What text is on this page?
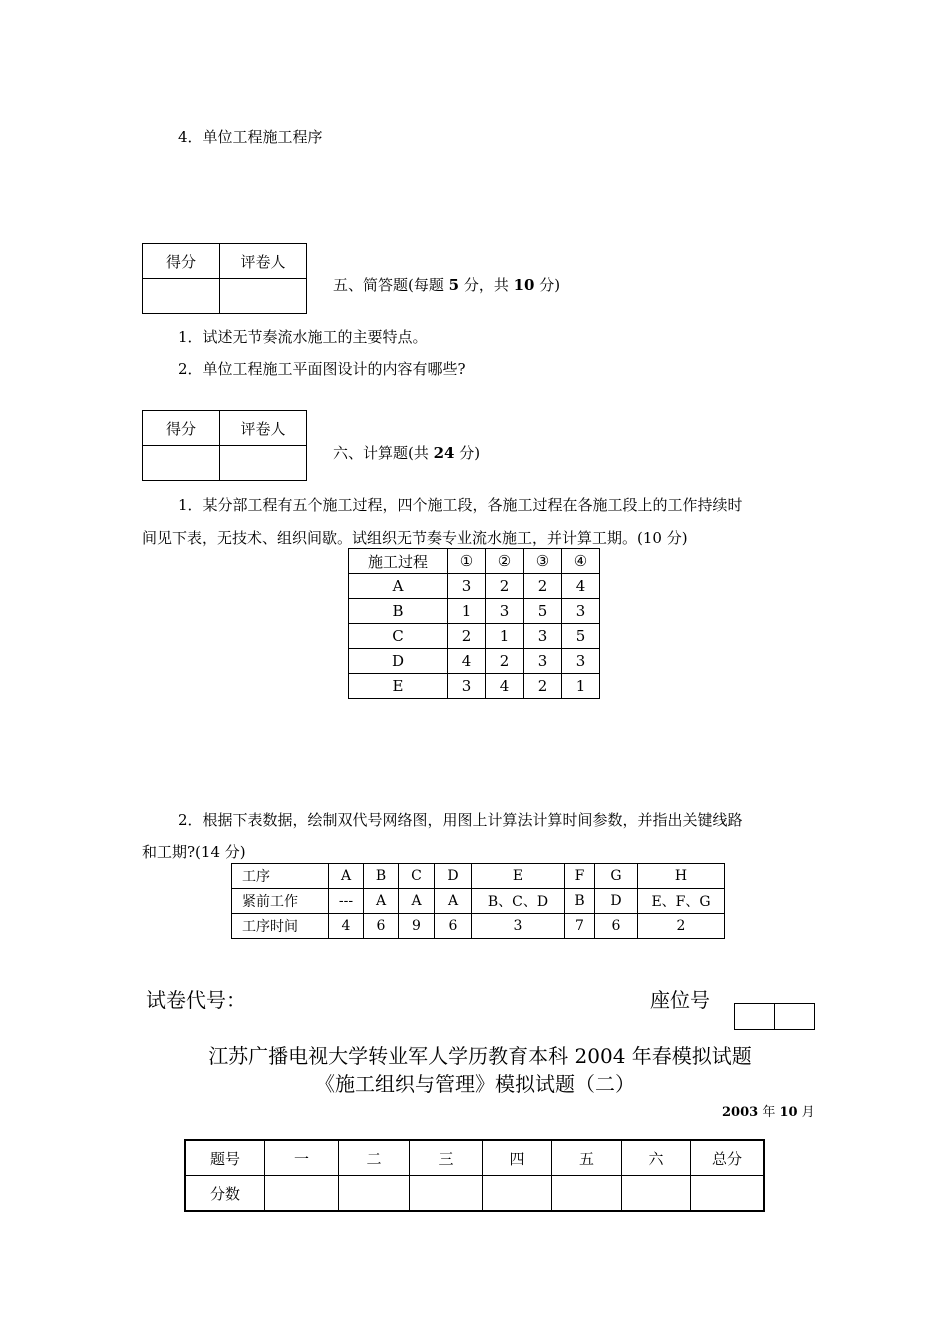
4．单位工程施工程序
得分	评卷人

五、简答题(每题 5 分，共 10 分)
1．试述无节奏流水施工的主要特点。
2．单位工程施工平面图设计的内容有哪些?
得分	评卷人

六、计算题(共 24 分)
1．某分部工程有五个施工过程，四个施工段，各施工过程在各施工段上的工作持续时
间见下表，无技术、组织间歇。试组织无节奏专业流水施工，并计算工期。(10 分)
施工过程	①	②	③	④
A	3	2	2	4
B	1	3	5	3
C	2	1	3	5
D	4	2	3	3
E	3	4	2	1
2．根据下表数据，绘制双代号网络图，用图上计算法计算时间参数，并指出关键线路
和工期?(14 分)
工序	A	B	C	D	E	F	G	H
紧前工作	---	A	A	A	B、C、D	B	D	E、F、G
工序时间	4	6	9	6	3	7	6	2
试卷代号：	座位号

江苏广播电视大学转业军人学历教育本科 2004 年春模拟试题
《施工组织与管理》模拟试题（二）
2003 年 10 月
题号	一	二	三	四	五	六	总分
分数							
